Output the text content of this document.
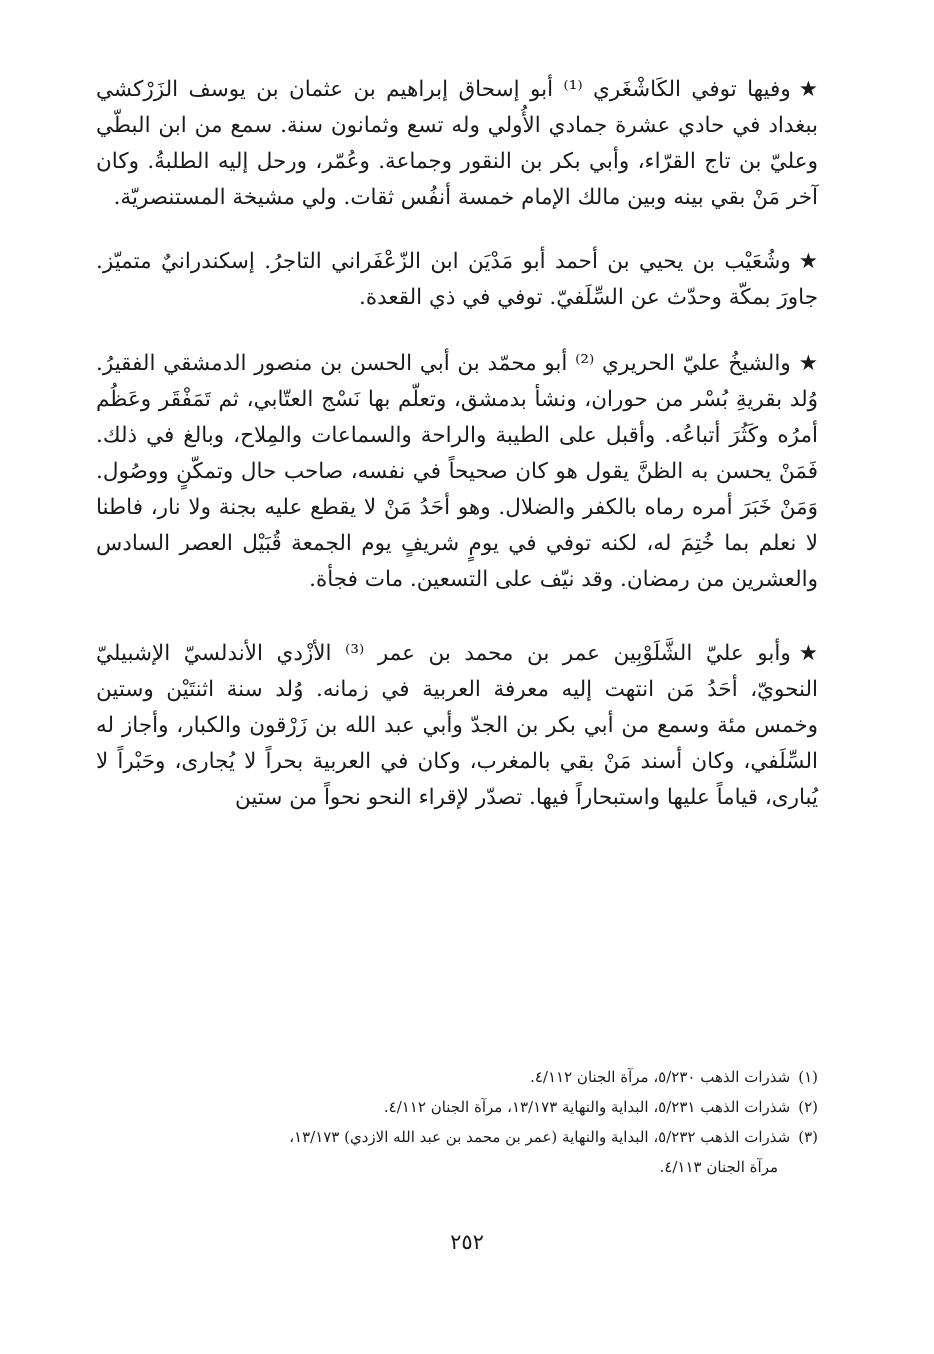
★وفيها توفي الكَاشْغَري ⁽¹⁾ أبو إسحاق إبراهيم بن عثمان بن يوسف الزَرْكشي ببغداد في حادي عشرة جمادي الأُولي وله تسع وثمانون سنة. سمع من ابن البطّي وعليّ بن تاج القرّاء، وأبي بكر بن النقور وجماعة. وعُمّر، ورحل إليه الطلبةُ. وكان آخر مَنْ بقي بينه وبين مالك الإمام خمسة أنفُس ثقات. ولي مشيخة المستنصريّة.

★وشُعَيْب بن يحيي بن أحمد أبو مَدْيَن ابن الزّعْفَراني التاجرُ. إسكندرانيٌ متميّز. جاورَ بمكّة وحدّث عن السِّلَفيّ. توفي في ذي القعدة.

★والشيخُ عليّ الحريري ⁽²⁾ أبو محمّد بن أبي الحسن بن منصور الدمشقي الفقيرُ. وُلد بقريةِ بُسْر من حوران، ونشأ بدمشق، وتعلّم بها نَسْج العتّابي، ثم تَمَفْقَر وعَظُم أمرُه وكَثُرَ أتباعُه. وأقبل على الطيبة والراحة والسماعات والمِلاح، وبالغ في ذلك. فَمَنْ يحسن به الظنَّ يقول هو كان صحيحاً في نفسه، صاحب حال وتمكّنٍ ووصُول. وَمَنْ خَبَرَ أمره رماه بالكفر والضلال. وهو أحَدُ مَنْ لا يقطع عليه بجنة ولا نار، فاطنا لا نعلم بما خُتِمَ له، لكنه توفي في يومٍ شريفٍ يوم الجمعة قُبَيْل العصر السادس والعشرين من رمضان. وقد نيّف على التسعين. مات فجأة.

★وأبو عليّ الشَّلَوْبِين عمر بن محمد بن عمر ⁽³⁾ الأزْدي الأندلسيّ الإشبيليّ النحويّ، أحَدُ مَن انتهت إليه معرفة العربية في زمانه. وُلد سنة اثنتَيْن وستين وخمس مئة وسمع من أبي بكر بن الجدّ وأبي عبد الله بن زَرْقون والكبار، وأجاز له السِّلَفي، وكان أسند مَنْ بقي بالمغرب، وكان في العربية بحراً لا يُجارى، وحَبْراً لا يُبارى، قياماً عليها واستبحاراً فيها. تصدّر لإقراء النحو نحواً من ستين

(١)شذرات الذهب ٥/٢٣٠، مرآة الجنان ٤/١١٢.

(٢)شذرات الذهب ٥/٢٣١، البداية والنهاية ١٣/١٧٣، مرآة الجنان ٤/١١٢.

(٣)شذرات الذهب ٥/٢٣٢، البداية والنهاية (عمر بن محمد بن عبد الله الازدي) ١٣/١٧٣،

مرآة الجنان ٤/١١٣.

٢٥٢
